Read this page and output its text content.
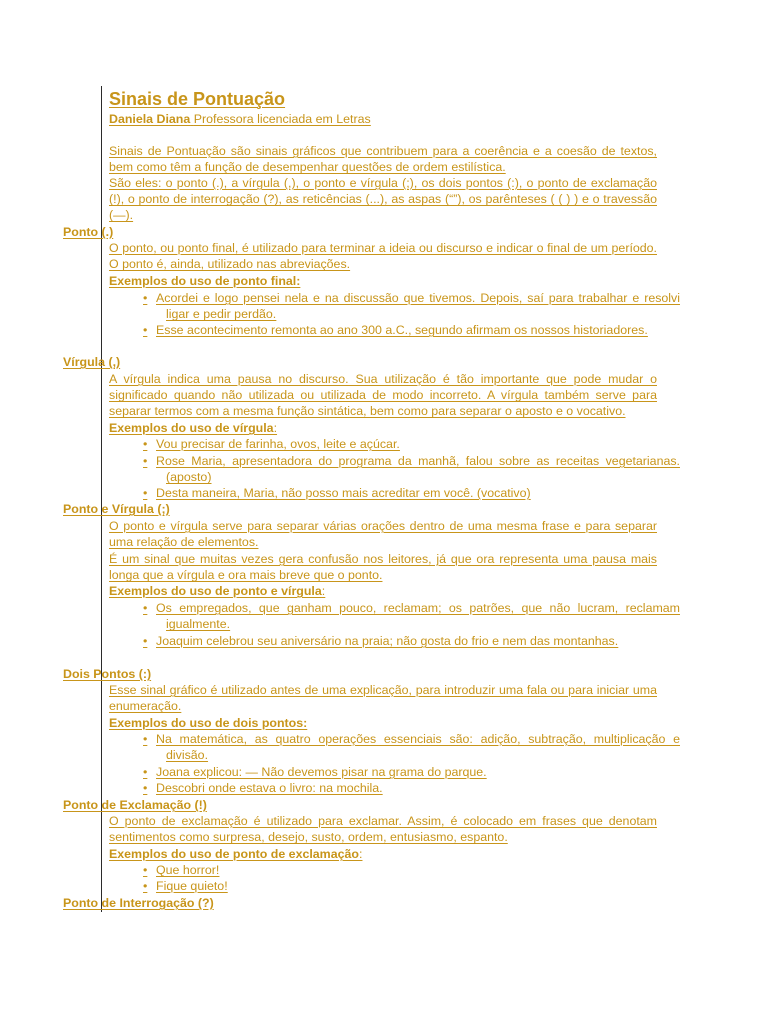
Sinais de Pontuação

Daniela Diana Professora licenciada em Letras

Sinais de Pontuação são sinais gráficos que contribuem para a coerência e a coesão de textos, bem como têm a função de desempenhar questões de ordem estilística.

São eles: o ponto (.), a vírgula (,), o ponto e vírgula (;), os dois pontos (:), o ponto de exclamação (!), o ponto de interrogação (?), as reticências (...), as aspas (“”), os parênteses ( ( ) ) e o travessão (—).

Ponto (.)

O ponto, ou ponto final, é utilizado para terminar a ideia ou discurso e indicar o final de um período. O ponto é, ainda, utilizado nas abreviações.

Exemplos do uso de ponto final:

• Acordei e logo pensei nela e na discussão que tivemos. Depois, saí para trabalhar e resolvi ligar e pedir perdão.

• Esse acontecimento remonta ao ano 300 a.C., segundo afirmam os nossos historiadores.

Vírgula (,)

A vírgula indica uma pausa no discurso. Sua utilização é tão importante que pode mudar o significado quando não utilizada ou utilizada de modo incorreto. A vírgula também serve para separar termos com a mesma função sintática, bem como para separar o aposto e o vocativo.

Exemplos do uso de vírgula:

• Vou precisar de farinha, ovos, leite e açúcar.

• Rose Maria, apresentadora do programa da manhã, falou sobre as receitas vegetarianas. (aposto)

• Desta maneira, Maria, não posso mais acreditar em você. (vocativo)

Ponto e Vírgula (;)

O ponto e vírgula serve para separar várias orações dentro de uma mesma frase e para separar uma relação de elementos.

É um sinal que muitas vezes gera confusão nos leitores, já que ora representa uma pausa mais longa que a vírgula e ora mais breve que o ponto.

Exemplos do uso de ponto e vírgula:

• Os empregados, que ganham pouco, reclamam; os patrões, que não lucram, reclamam igualmente.

• Joaquim celebrou seu aniversário na praia; não gosta do frio e nem das montanhas.

Dois Pontos (:)

Esse sinal gráfico é utilizado antes de uma explicação, para introduzir uma fala ou para iniciar uma enumeração.

Exemplos do uso de dois pontos:

• Na matemática, as quatro operações essenciais são: adição, subtração, multiplicação e divisão.

• Joana explicou: — Não devemos pisar na grama do parque.

• Descobri onde estava o livro: na mochila.

Ponto de Exclamação (!)

O ponto de exclamação é utilizado para exclamar. Assim, é colocado em frases que denotam sentimentos como surpresa, desejo, susto, ordem, entusiasmo, espanto.

Exemplos do uso de ponto de exclamação:

• Que horror!

• Fique quieto!

Ponto de Interrogação (?)
